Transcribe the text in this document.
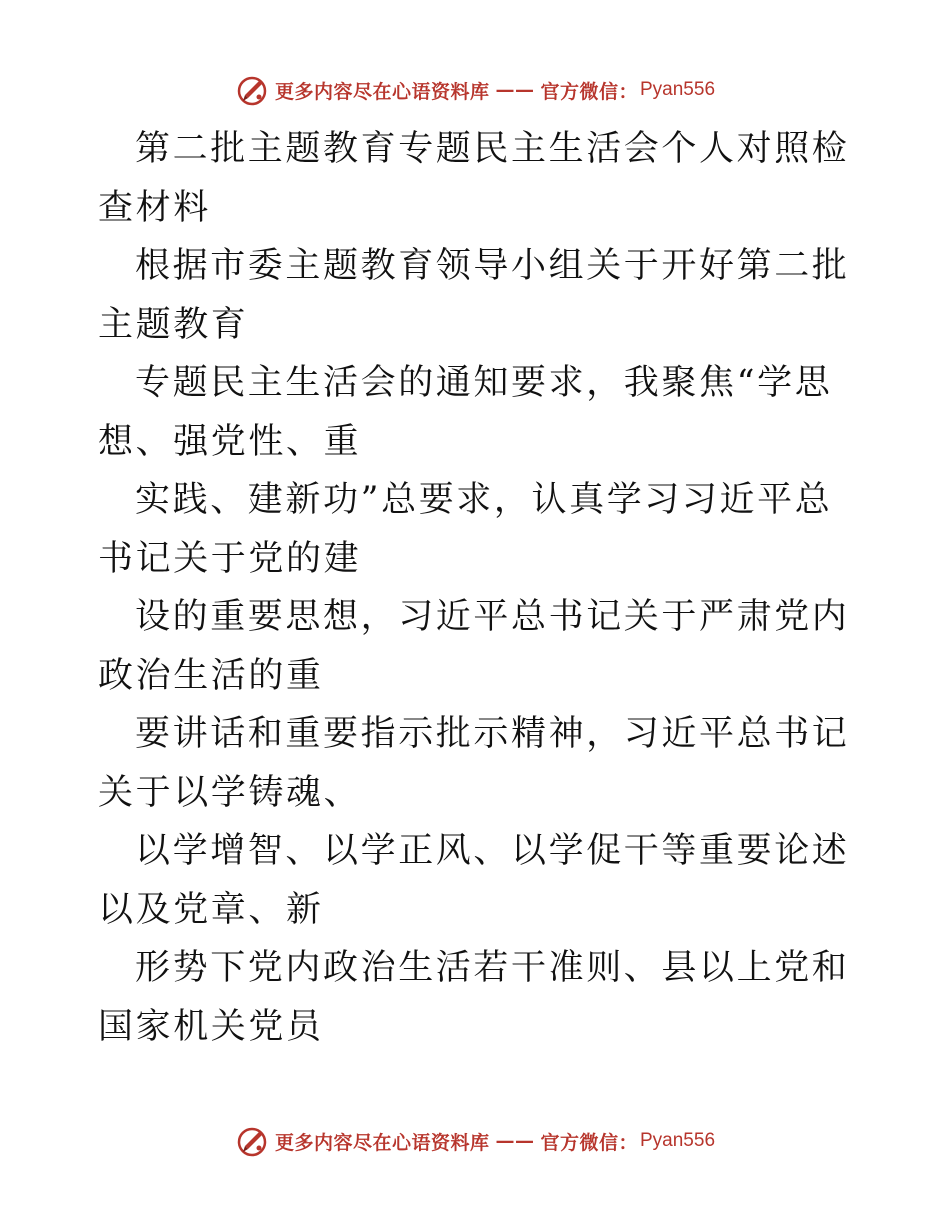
更多内容尽在心语资料库 —— 官方微信： Pyan556

第二批主题教育专题民主生活会个人对照检查材料

根据市委主题教育领导小组关于开好第二批主题教育

专题民主生活会的通知要求，我聚焦“学思想、强党性、重

实践、建新功”总要求，认真学习习近平总书记关于党的建

设的重要思想，习近平总书记关于严肃党内政治生活的重

要讲话和重要指示批示精神，习近平总书记关于以学铸魂、

以学增智、以学正风、以学促干等重要论述以及党章、新

形势下党内政治生活若干准则、县以上党和国家机关党员

更多内容尽在心语资料库 —— 官方微信： Pyan556
